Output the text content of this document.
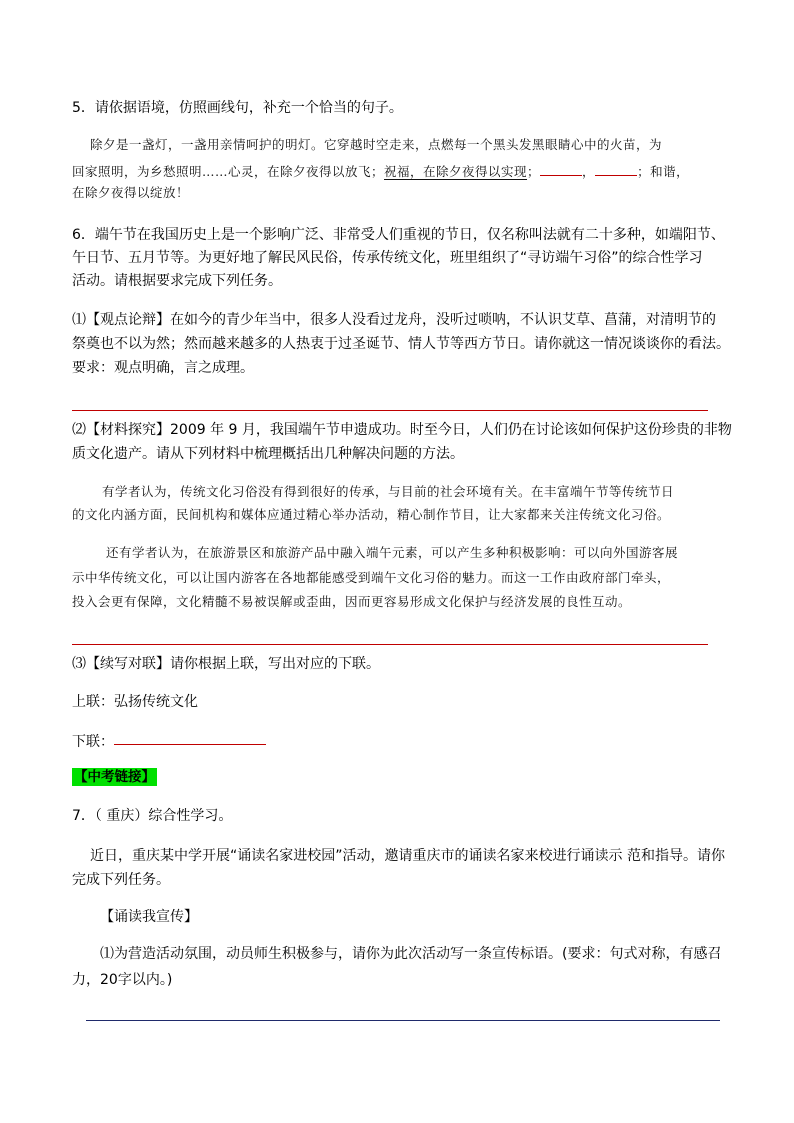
5．请依据语境，仿照画线句，补充一个恰当的句子。
除夕是一盏灯，一盏用亲情呵护的明灯。它穿越时空走来，点燃每一个黑头发黑眼睛心中的火苗，为
回家照明，为乡愁照明……心灵，在除夕夜得以放飞；祝福，在除夕夜得以实现；	，	；和谐，
在除夕夜得以绽放！
6．端午节在我国历史上是一个影响广泛、非常受人们重视的节日，仅名称叫法就有二十多种，如端阳节、
午日节、五月节等。为更好地了解民风民俗，传承传统文化，班里组织了“寻访端午习俗”的综合性学习
活动。请根据要求完成下列任务。
⑴【观点论辩】在如今的青少年当中，很多人没看过龙舟，没听过唢呐，不认识艾草、菖蒲，对清明节的
祭奠也不以为然；然而越来越多的人热衷于过圣诞节、情人节等西方节日。请你就这一情况谈谈你的看法。
要求：观点明确，言之成理。
⑵【材料探究】2009 年 9 月，我国端午节申遗成功。时至今日，人们仍在讨论该如何保护这份珍贵的非物
质文化遗产。请从下列材料中梳理概括出几种解决问题的方法。
有学者认为，传统文化习俗没有得到很好的传承，与目前的社会环境有关。在丰富端午节等传统节日
的文化内涵方面，民间机构和媒体应通过精心举办活动，精心制作节目，让大家都来关注传统文化习俗。
还有学者认为，在旅游景区和旅游产品中融入端午元素，可以产生多种积极影响：可以向外国游客展
示中华传统文化，可以让国内游客在各地都能感受到端午文化习俗的魅力。而这一工作由政府部门牵头，
投入会更有保障，文化精髓不易被误解或歪曲，因而更容易形成文化保护与经济发展的良性互动。
⑶【续写对联】请你根据上联，写出对应的下联。
上联：弘扬传统文化
下联：
【中考链接】
7．（ 重庆）综合性学习。
近日，重庆某中学开展“诵读名家进校园”活动，邀请重庆市的诵读名家来校进行诵读示 范和指导。请你
完成下列任务。
【诵读我宣传】
⑴为营造活动氛围，动员师生积极参与，请你为此次活动写一条宣传标语。(要求：句式对称，有感召
力，20字以内。)
